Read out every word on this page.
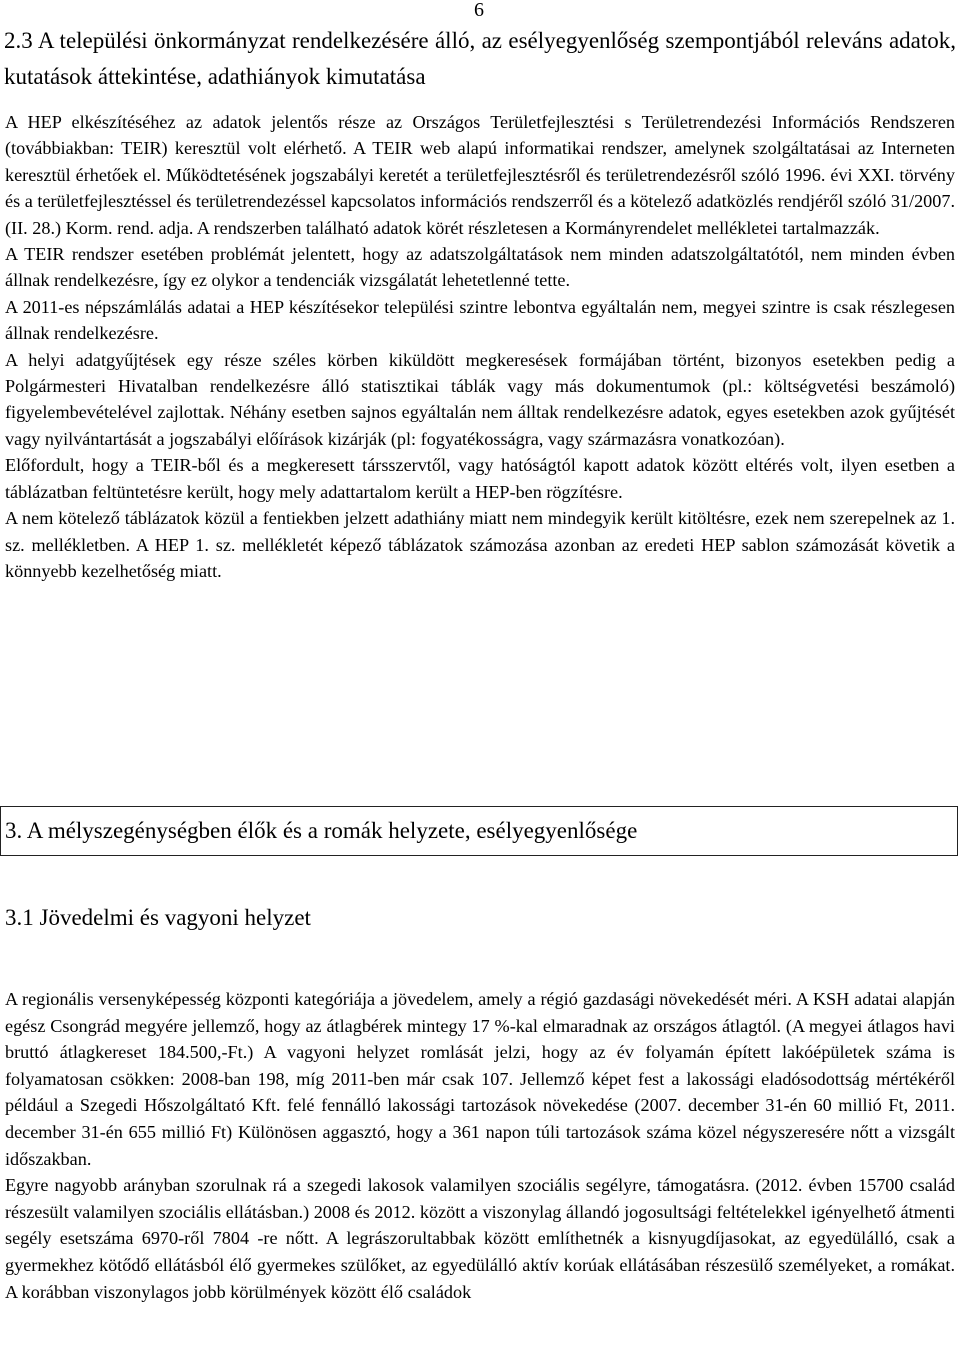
6
2.3 A települési önkormányzat rendelkezésére álló, az esélyegyenlőség szempontjából releváns adatok, kutatások áttekintése, adathiányok kimutatása

A HEP elkészítéséhez az adatok jelentős része az Országos Területfejlesztési s Területrendezési Információs Rendszeren (továbbiakban: TEIR) keresztül volt elérhető. A TEIR web alapú informatikai rendszer, amelynek szolgáltatásai az Interneten keresztül érhetőek el. Működtetésének jogszabályi keretét a területfejlesztésről és területrendezésről szóló 1996. évi XXI. törvény és a területfejlesztéssel és területrendezéssel kapcsolatos információs rendszerről és a kötelező adatközlés rendjéről szóló 31/2007. (II. 28.) Korm. rend. adja. A rendszerben található adatok körét részletesen a Kormányrendelet mellékletei tartalmazzák.

A TEIR rendszer esetében problémát jelentett, hogy az adatszolgáltatások nem minden adatszolgáltatótól, nem minden évben állnak rendelkezésre, így ez olykor a tendenciák vizsgálatát lehetetlenné tette.

A 2011-es népszámlálás adatai a HEP készítésekor települési szintre lebontva egyáltalán nem, megyei szintre is csak részlegesen állnak rendelkezésre.

A helyi adatgyűjtések egy része széles körben kiküldött megkeresések formájában történt, bizonyos esetekben pedig a Polgármesteri Hivatalban rendelkezésre álló statisztikai táblák vagy más dokumentumok (pl.: költségvetési beszámoló) figyelembevételével zajlottak. Néhány esetben sajnos egyáltalán nem álltak rendelkezésre adatok, egyes esetekben azok gyűjtését vagy nyilvántartását a jogszabályi előírások kizárják (pl: fogyatékosságra, vagy származásra vonatkozóan).

Előfordult, hogy a TEIR-ből és a megkeresett társszervtől, vagy hatóságtól kapott adatok között eltérés volt, ilyen esetben a táblázatban feltüntetésre került, hogy mely adattartalom került a HEP-ben rögzítésre.

A nem kötelező táblázatok közül a fentiekben jelzett adathiány miatt nem mindegyik került kitöltésre, ezek nem szerepelnek az 1. sz. mellékletben. A HEP 1. sz. mellékletét képező táblázatok számozása azonban az eredeti HEP sablon számozását követik a könnyebb kezelhetőség miatt.

3. A mélyszegénységben élők és a romák helyzete, esélyegyenlősége
3.1 Jövedelmi és vagyoni helyzet

A regionális versenyképesség központi kategóriája a jövedelem, amely a régió gazdasági növekedését méri. A KSH adatai alapján egész Csongrád megyére jellemző, hogy az átlagbérek mintegy 17 %-kal elmaradnak az országos átlagtól. (A megyei átlagos havi bruttó átlagkereset 184.500,-Ft.) A vagyoni helyzet romlását jelzi, hogy az év folyamán épített lakóépületek száma is folyamatosan csökken: 2008-ban 198, míg 2011-ben már csak 107. Jellemző képet fest a lakossági eladósodottság mértékéről például a Szegedi Hőszolgáltató Kft. felé fennálló lakossági tartozások növekedése (2007. december 31-én 60 millió Ft, 2011. december 31-én 655 millió Ft) Különösen aggasztó, hogy a 361 napon túli tartozások száma közel négyszeresére nőtt a vizsgált időszakban.

Egyre nagyobb arányban szorulnak rá a szegedi lakosok valamilyen szociális segélyre, támogatásra. (2012. évben 15700 család részesült valamilyen szociális ellátásban.) 2008 és 2012. között a viszonylag állandó jogosultsági feltételekkel igényelhető átmenti segély esetszáma 6970-ről 7804 -re nőtt. A legrászorultabbak között említhetnék a kisnyugdíjasokat, az egyedülálló, csak a gyermekhez kötődő ellátásból élő gyermekes szülőket, az egyedülálló aktív korúak ellátásában részesülő személyeket, a romákat. A korábban viszonylagos jobb körülmények között élő családok
